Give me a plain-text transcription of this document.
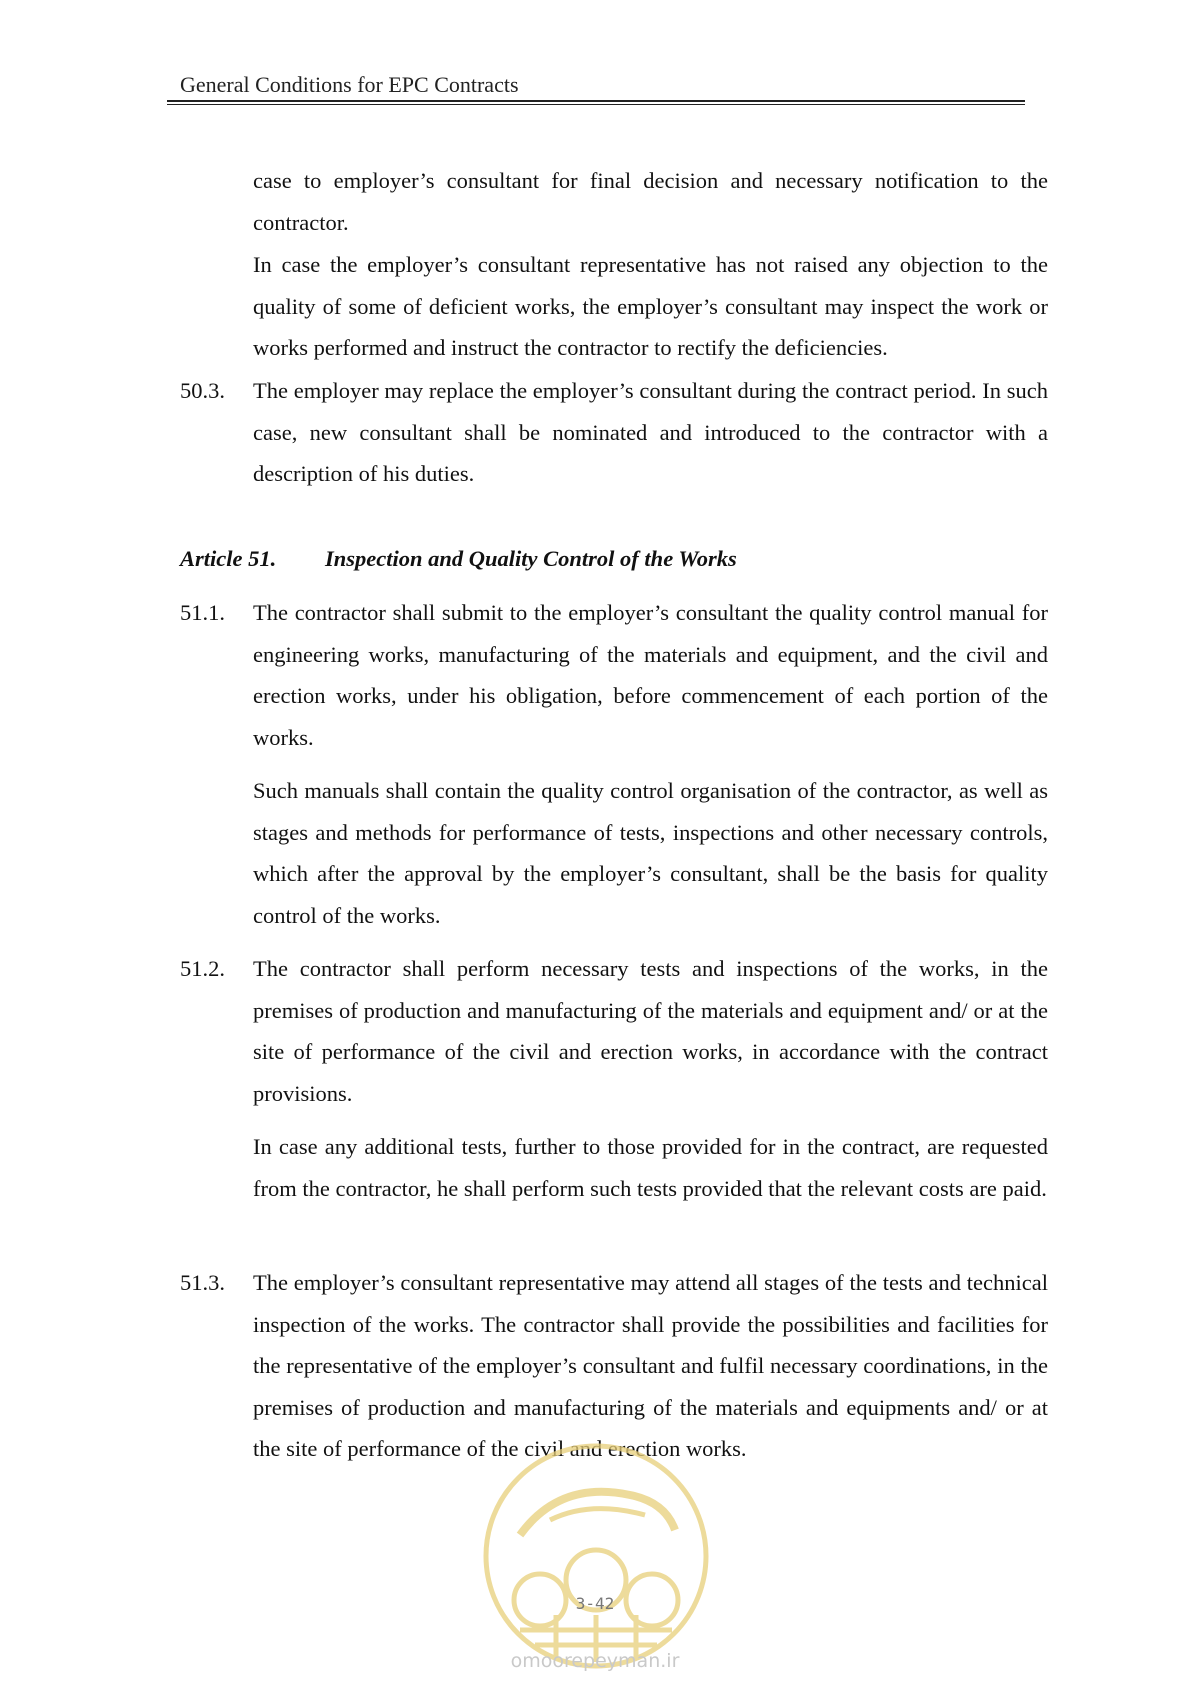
General Conditions for EPC Contracts

case to employer’s consultant for final decision and necessary notification to the contractor.

In case the employer’s consultant representative has not raised any objection to the quality of some of deficient works, the employer’s consultant may inspect the work or works performed and instruct the contractor to rectify the deficiencies.

50.3. The employer may replace the employer’s consultant during the contract period. In such case, new consultant shall be nominated and introduced to the contractor with a description of his duties.

Article 51. Inspection and Quality Control of the Works
51.1. The contractor shall submit to the employer’s consultant the quality control manual for engineering works, manufacturing of the materials and equipment, and the civil and erection works, under his obligation, before commencement of each portion of the works.

Such manuals shall contain the quality control organisation of the contractor, as well as stages and methods for performance of tests, inspections and other necessary controls, which after the approval by the employer’s consultant, shall be the basis for quality control of the works.

51.2. The contractor shall perform necessary tests and inspections of the works, in the premises of production and manufacturing of the materials and equipment and/ or at the site of performance of the civil and erection works, in accordance with the contract provisions.

In case any additional tests, further to those provided for in the contract, are requested from the contractor, he shall perform such tests provided that the relevant costs are paid.

51.3. The employer’s consultant representative may attend all stages of the tests and technical inspection of the works. The contractor shall provide the possibilities and facilities for the representative of the employer’s consultant and fulfil necessary coordinations, in the premises of production and manufacturing of the materials and equipments and/ or at the site of performance of the civil and erection works.

3-42
omoorepeyman.ir
